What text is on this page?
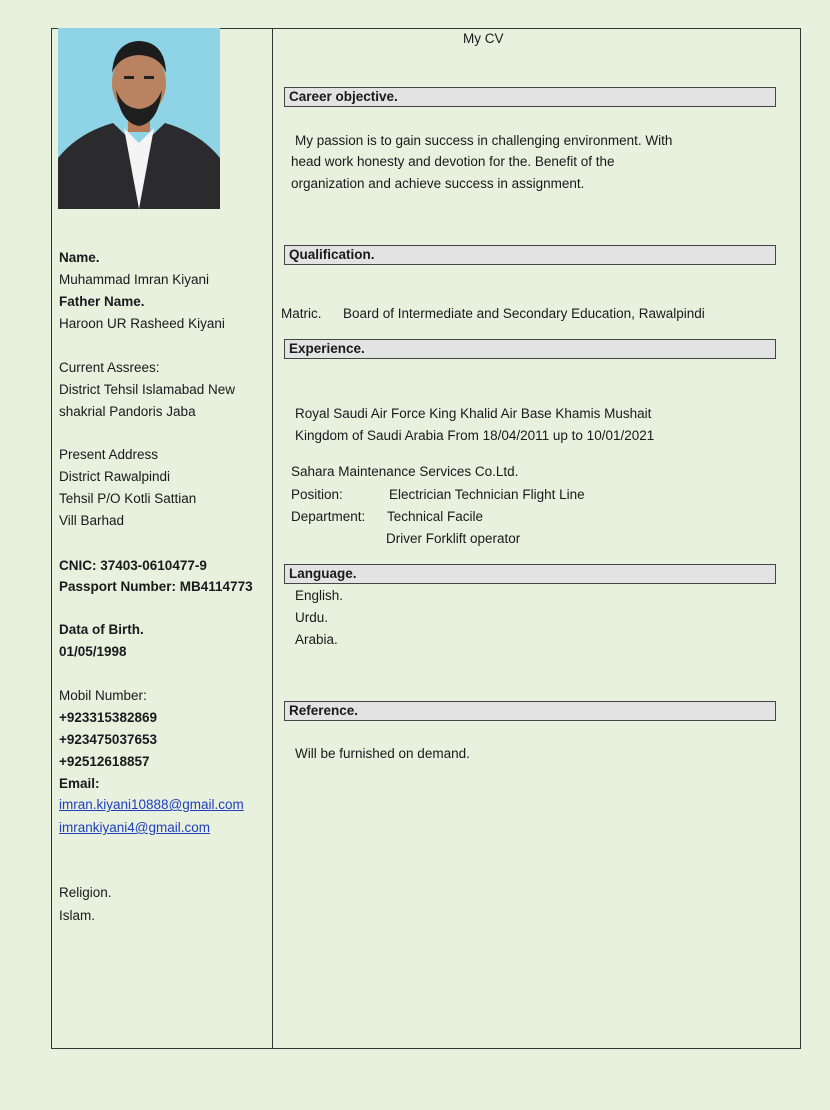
My CV
Name.
Muhammad Imran Kiyani
Father Name.
Haroon UR Rasheed Kiyani
Current Assrees:
District Tehsil Islamabad New
shakrial Pandoris Jaba
Present Address
District Rawalpindi
Tehsil P/O Kotli Sattian
Vill Barhad
CNIC: 37403-0610477-9
Passport Number: MB4114773
Data of Birth.
01/05/1998
Mobil Number:
+923315382869
+923475037653
+92512618857
Email:
imran.kiyani10888@gmail.com
imrankiyani4@gmail.com
Religion.
Islam.
Career objective.
My passion is to gain success in challenging environment. With
head work honesty and devotion for the. Benefit of the
organization and achieve success in assignment.
Qualification.
Matric. Board of Intermediate and Secondary Education, Rawalpindi
Experience.
Royal Saudi Air Force King Khalid Air Base Khamis Mushait
Kingdom of Saudi Arabia From 18/04/2011 up to 10/01/2021
Sahara Maintenance Services Co.Ltd.
Position:	Electrician Technician Flight Line
Department: Technical Facile
Driver Forklift operator
Language.
English.
Urdu.
Arabia.
Reference.
Will be furnished on demand.
